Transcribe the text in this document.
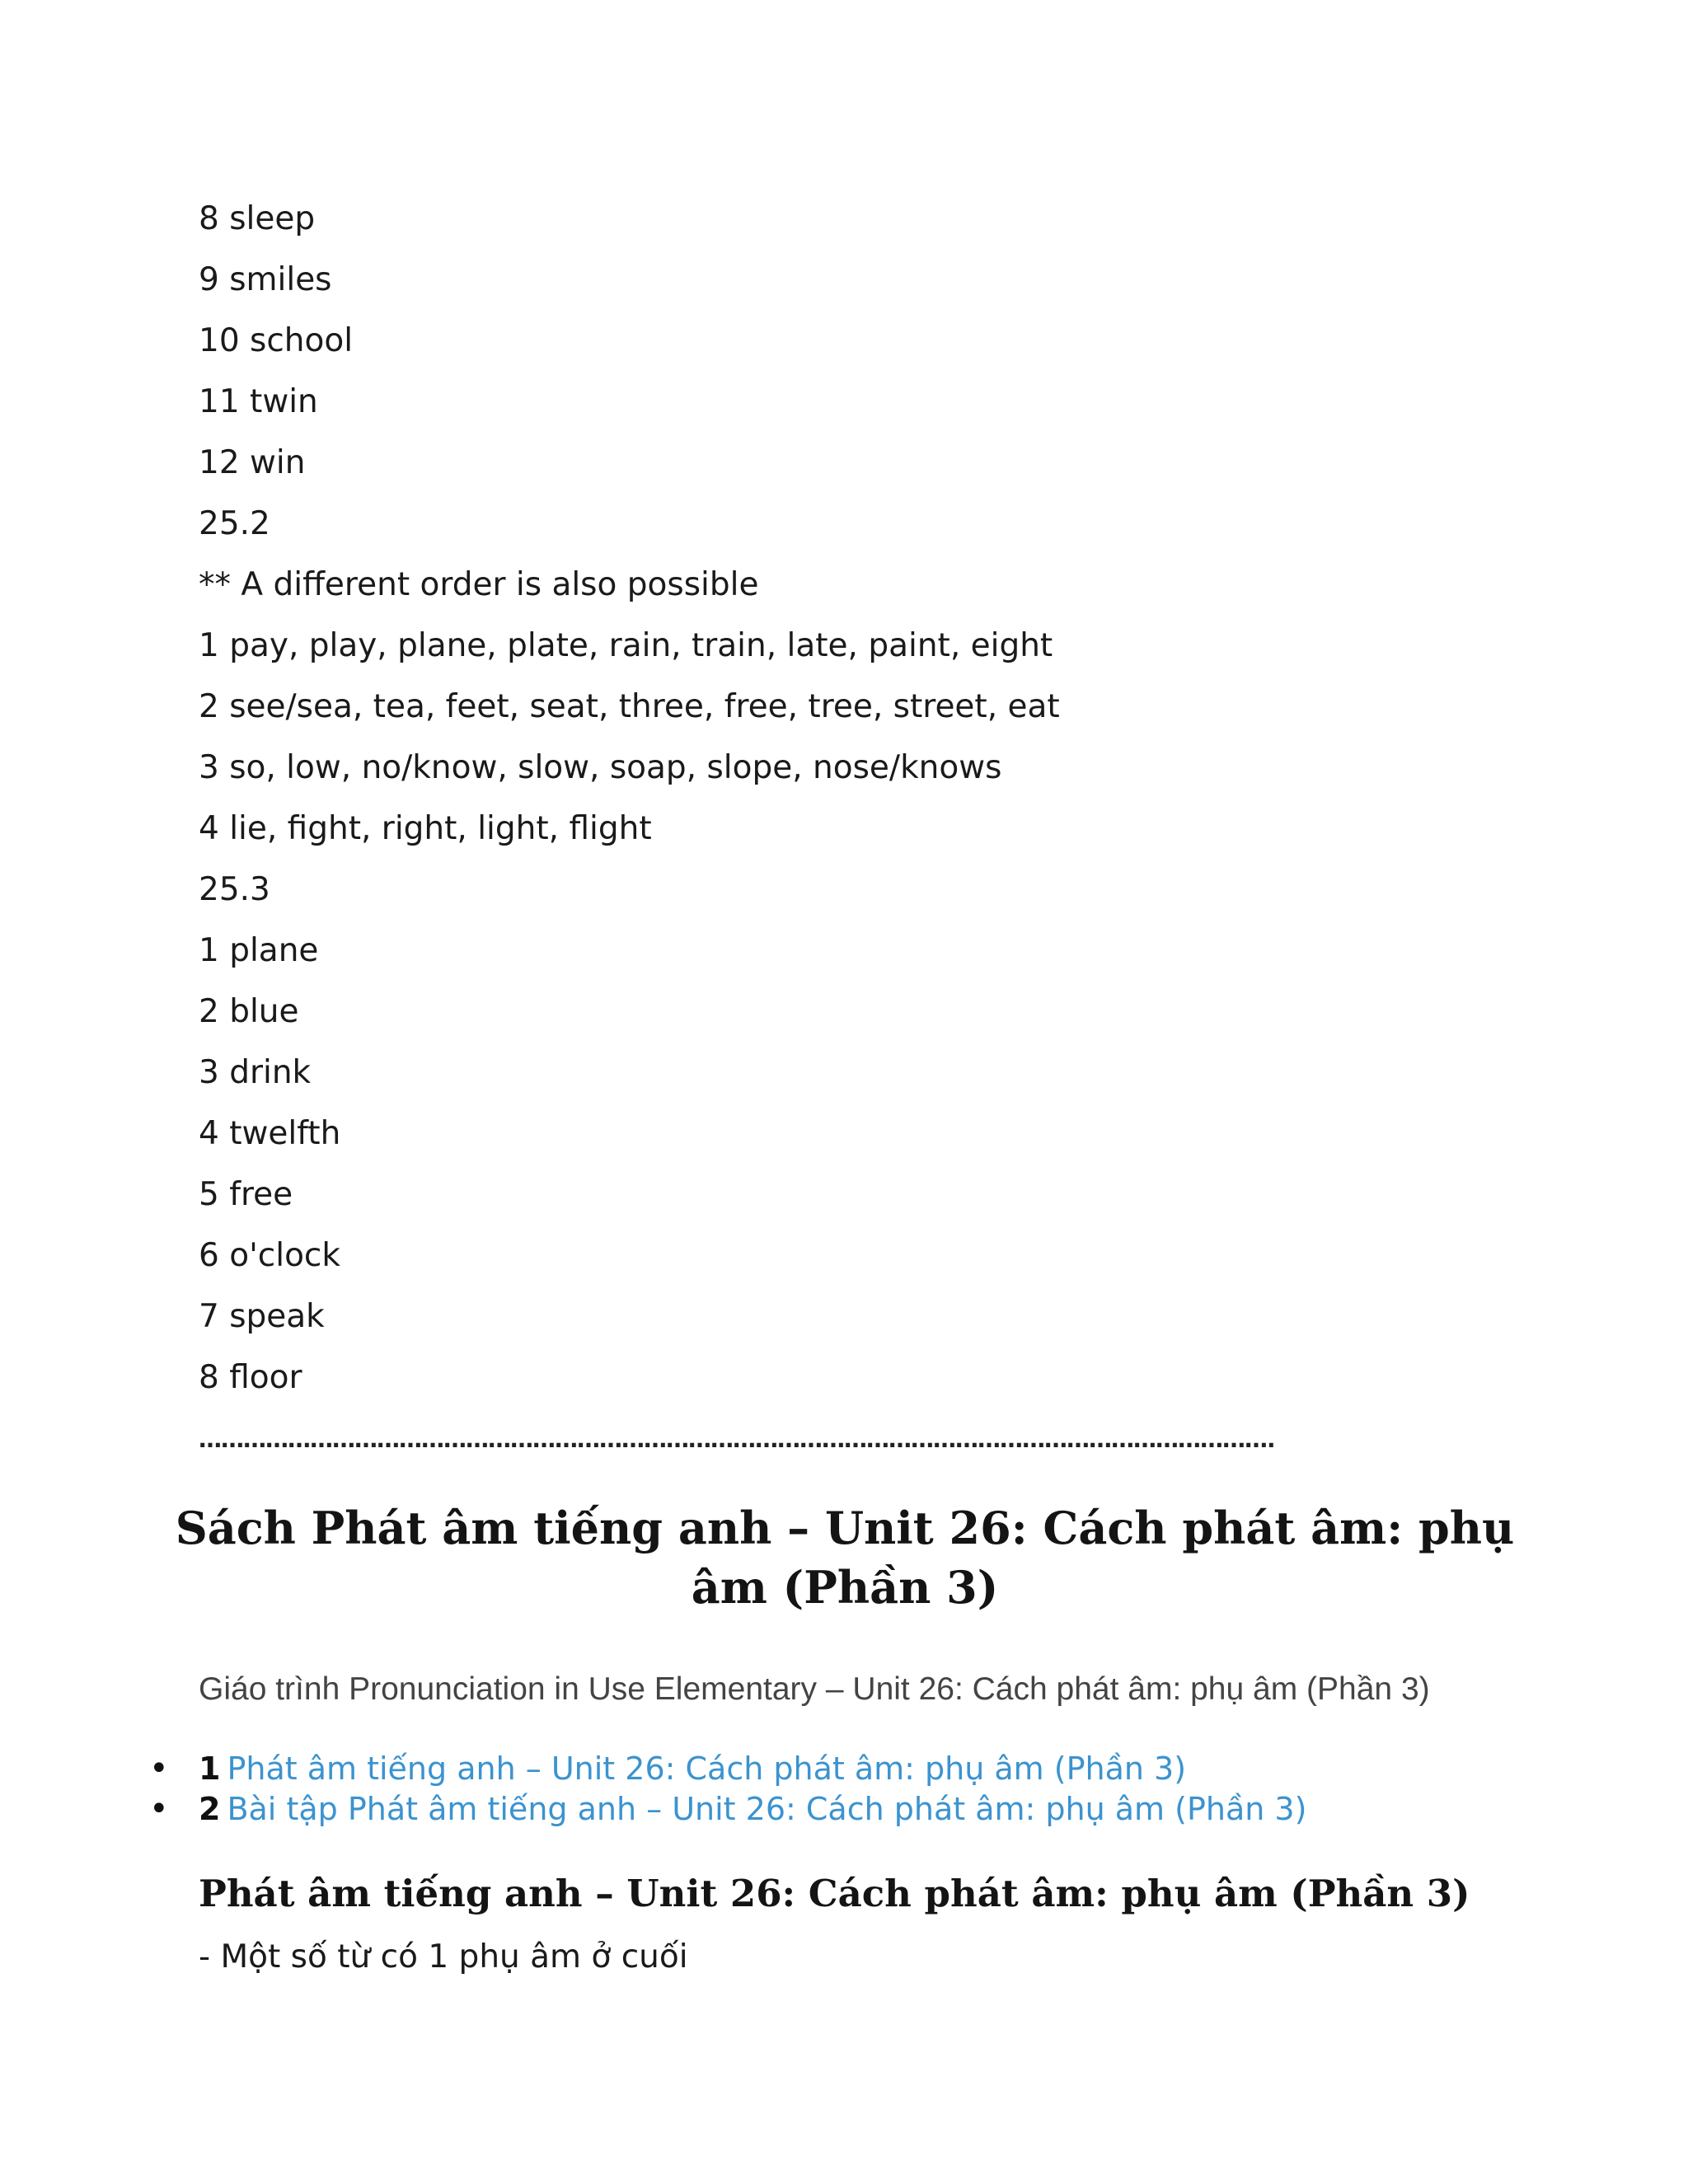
8 sleep
9 smiles
10 school
11 twin
12 win
25.2
** A different order is also possible
1 pay, play, plane, plate, rain, train, late, paint, eight
2 see/sea, tea, feet, seat, three, free, tree, street, eat
3 so, low, no/know, slow, soap, slope, nose/knows
4 lie, fight, right, light, flight
25.3
1 plane
2 blue
3 drink
4 twelfth
5 free
6 o'clock
7 speak
8 floor
……………………………………………………………………………………………………………………………….
Sách Phát âm tiếng anh – Unit 26: Cách phát âm: phụ âm (Phần 3)
Giáo trình Pronunciation in Use Elementary – Unit 26: Cách phát âm: phụ âm (Phần 3)
• 1 Phát âm tiếng anh – Unit 26: Cách phát âm: phụ âm (Phần 3)
• 2 Bài tập Phát âm tiếng anh – Unit 26: Cách phát âm: phụ âm (Phần 3)
Phát âm tiếng anh – Unit 26: Cách phát âm: phụ âm (Phần 3)
- Một số từ có 1 phụ âm ở cuối
